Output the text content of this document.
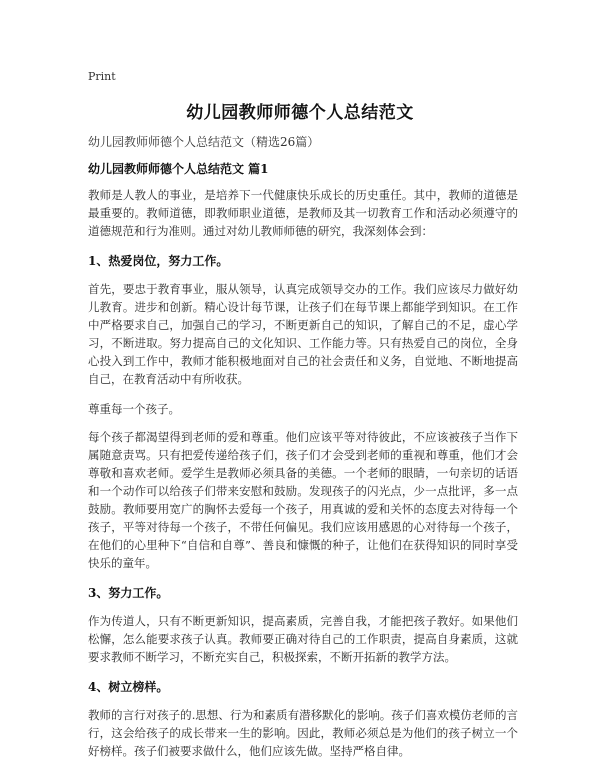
Print
幼儿园教师师德个人总结范文
幼儿园教师师德个人总结范文（精选26篇）
幼儿园教师师德个人总结范文 篇1

教师是人教人的事业，是培养下一代健康快乐成长的历史重任。其中，教师的道德是最重要的。教师道德，即教师职业道德，是教师及其一切教育工作和活动必须遵守的道德规范和行为准则。通过对幼儿教师师德的研究，我深刻体会到：

1、热爱岗位，努力工作。

首先，要忠于教育事业，服从领导，认真完成领导交办的工作。我们应该尽力做好幼儿教育。进步和创新。精心设计每节课，让孩子们在每节课上都能学到知识。在工作中严格要求自己，加强自己的学习，不断更新自己的知识，了解自己的不足，虚心学习，不断进取。努力提高自己的文化知识、工作能力等。只有热爱自己的岗位，全身心投入到工作中，教师才能积极地面对自己的社会责任和义务，自觉地、不断地提高自己，在教育活动中有所收获。

尊重每一个孩子。

每个孩子都渴望得到老师的爱和尊重。他们应该平等对待彼此，不应该被孩子当作下属随意责骂。只有把爱传递给孩子们，孩子们才会受到老师的重视和尊重，他们才会尊敬和喜欢老师。爱学生是教师必须具备的美德。一个老师的眼睛，一句亲切的话语和一个动作可以给孩子们带来安慰和鼓励。发现孩子的闪光点，少一点批评，多一点鼓励。教师要用宽广的胸怀去爱每一个孩子，用真诚的爱和关怀的态度去对待每一个孩子，平等对待每一个孩子，不带任何偏见。我们应该用感恩的心对待每一个孩子，在他们的心里种下“自信和自尊”、善良和慷慨的种子，让他们在获得知识的同时享受快乐的童年。

3、努力工作。

作为传道人，只有不断更新知识，提高素质，完善自我，才能把孩子教好。如果他们松懈，怎么能要求孩子认真。教师要正确对待自己的工作职责，提高自身素质，这就要求教师不断学习，不断充实自己，积极探索，不断开拓新的教学方法。

4、树立榜样。

教师的言行对孩子的.思想、行为和素质有潜移默化的影响。孩子们喜欢模仿老师的言行，这会给孩子的成长带来一生的影响。因此，教师必须总是为他们的孩子树立一个好榜样。孩子们被要求做什么，他们应该先做。坚持严格自律。
